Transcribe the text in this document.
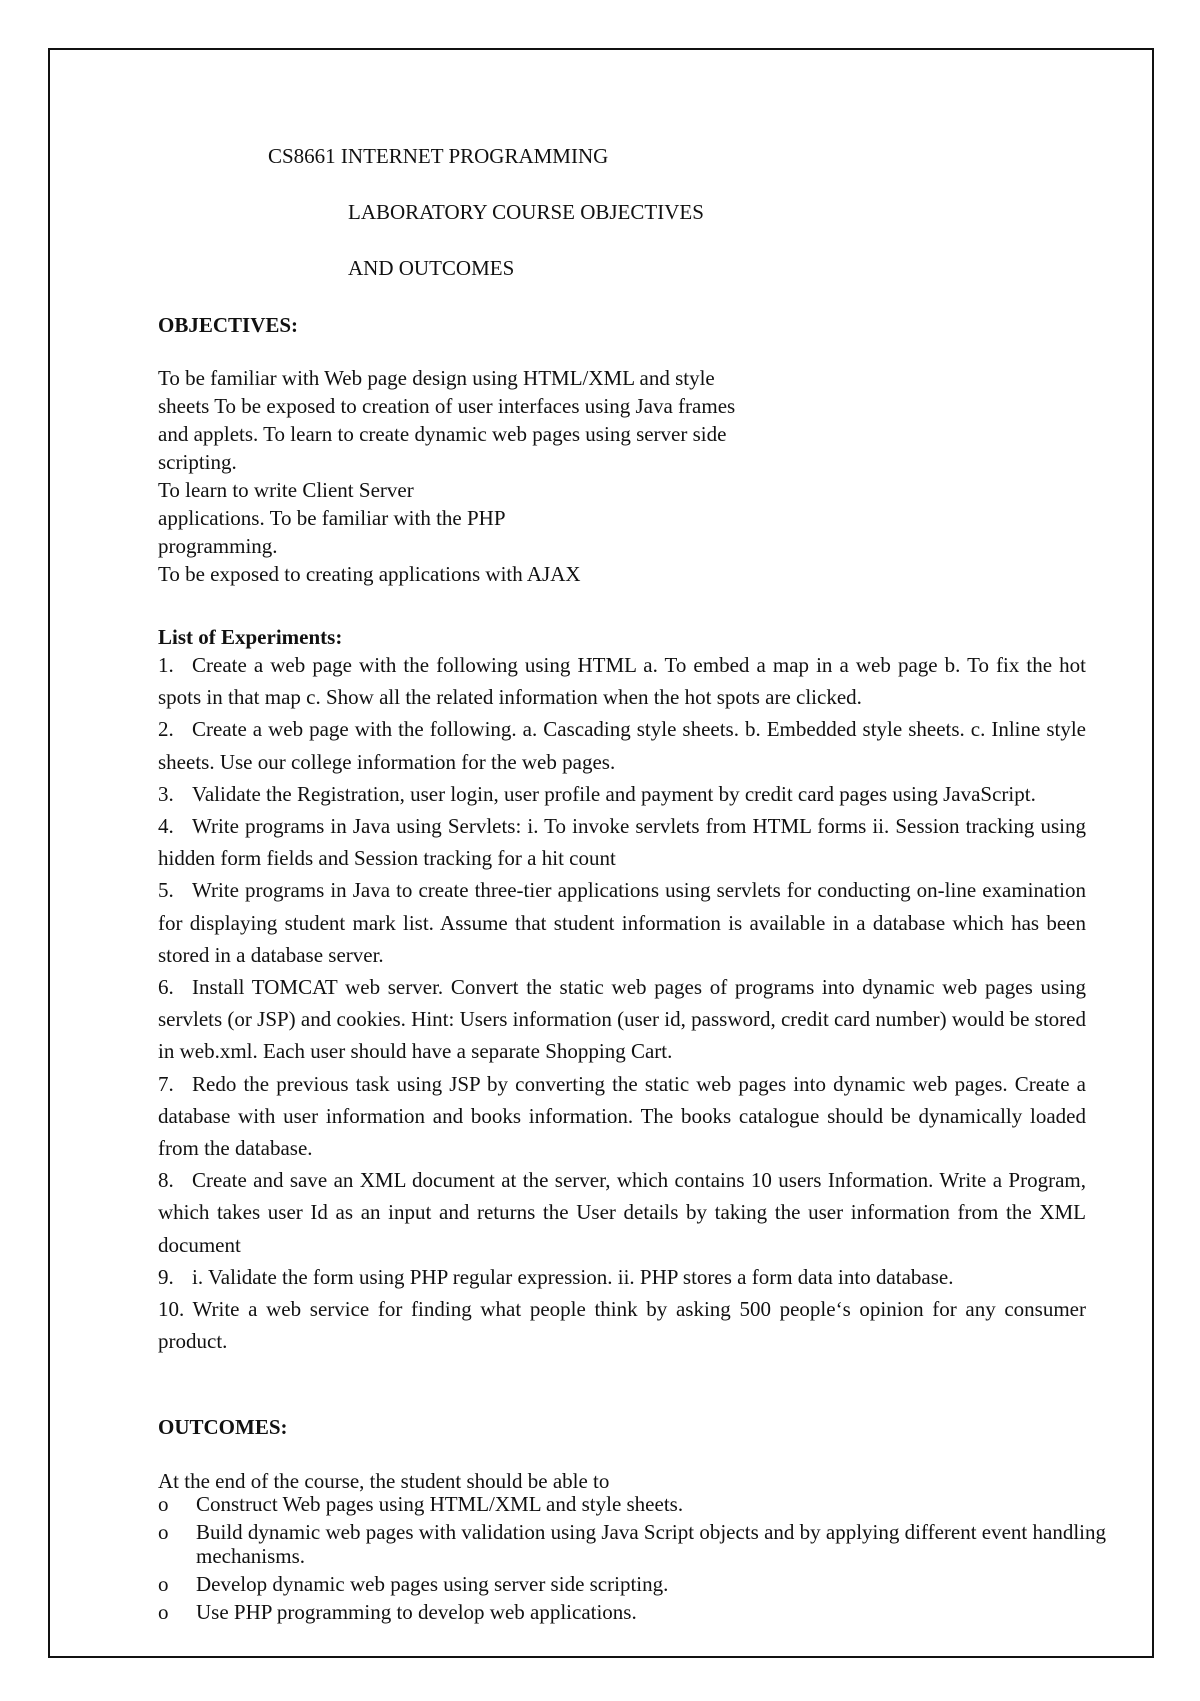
CS8661 INTERNET PROGRAMMING
LABORATORY COURSE OBJECTIVES
AND OUTCOMES
OBJECTIVES:
To be familiar with Web page design using HTML/XML and style
sheets To be exposed to creation of user interfaces using Java frames
and applets. To learn to create dynamic web pages using server side
scripting.
To learn to write Client Server
applications. To be familiar with the PHP
programming.
To be exposed to creating applications with AJAX
List of Experiments:
1. Create a web page with the following using HTML a. To embed a map in a web page b. To fix the hot spots in that map c. Show all the related information when the hot spots are clicked.
2. Create a web page with the following. a. Cascading style sheets. b. Embedded style sheets. c. Inline style sheets. Use our college information for the web pages.
3. Validate the Registration, user login, user profile and payment by credit card pages using JavaScript.
4. Write programs in Java using Servlets: i. To invoke servlets from HTML forms ii. Session tracking using hidden form fields and Session tracking for a hit count
5. Write programs in Java to create three-tier applications using servlets for conducting on-line examination for displaying student mark list. Assume that student information is available in a database which has been stored in a database server.
6. Install TOMCAT web server. Convert the static web pages of programs into dynamic web pages using servlets (or JSP) and cookies. Hint: Users information (user id, password, credit card number) would be stored in web.xml. Each user should have a separate Shopping Cart.
7. Redo the previous task using JSP by converting the static web pages into dynamic web pages. Create a database with user information and books information. The books catalogue should be dynamically loaded from the database.
8. Create and save an XML document at the server, which contains 10 users Information. Write a Program, which takes user Id as an input and returns the User details by taking the user information from the XML document
9. i. Validate the form using PHP regular expression. ii. PHP stores a form data into database.
10. Write a web service for finding what people think by asking 500 people‘s opinion for any consumer product.
OUTCOMES:
At the end of the course, the student should be able to
o Construct Web pages using HTML/XML and style sheets.
o Build dynamic web pages with validation using Java Script objects and by applying different event handling mechanisms.
o Develop dynamic web pages using server side scripting.
o Use PHP programming to develop web applications.
